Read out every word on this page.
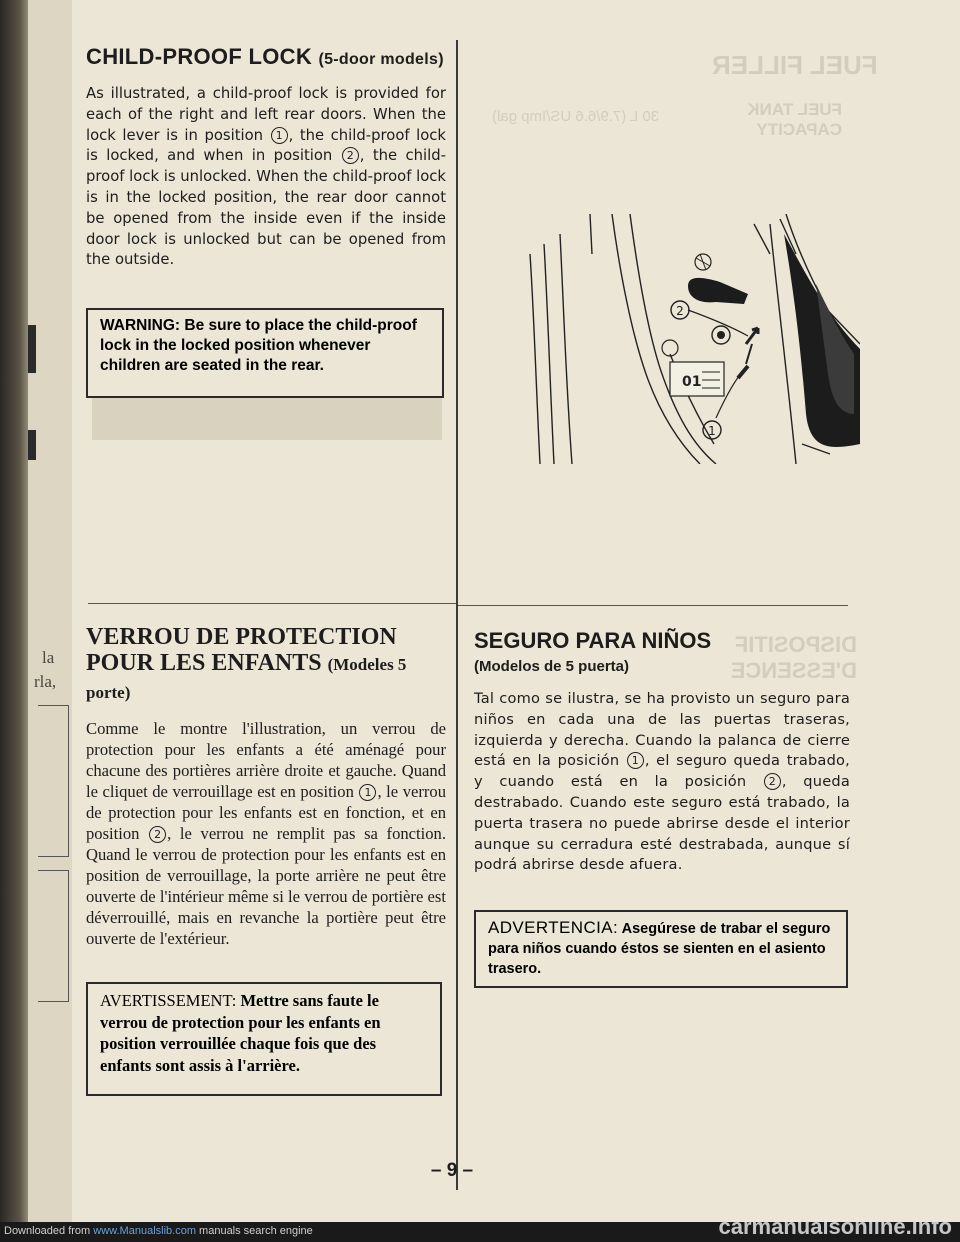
la
rla,
FUEL FILLER
FUEL TANK CAPACITY
30 L (7.9/6.6 US/Imp gal)
DISPOSITIF D'ESSENCE
CHILD-PROOF LOCK (5-door models)

As illustrated, a child-proof lock is provided for each of the right and left rear doors. When the lock lever is in position 1 , the child-proof lock is locked, and when in position 2 , the child-proof lock is unlocked. When the child-proof lock is in the locked position, the rear door cannot be opened from the inside even if the inside door lock is unlocked but can be opened from the outside.

WARNING: Be sure to place the child-proof lock in the locked position whenever children are seated in the rear.
2
01
1
VERROU DE PROTECTION POUR LES ENFANTS (Modeles 5 porte)

Comme le montre l'illustration, un verrou de protection pour les enfants a été aménagé pour chacune des portières arrière droite et gauche. Quand le cliquet de verrouillage est en position 1 , le verrou de protection pour les enfants est en fonction, et en position 2 , le verrou ne remplit pas sa fonction. Quand le verrou de protection pour les enfants est en position de verrouillage, la porte arrière ne peut être ouverte de l'intérieur même si le verrou de portière est déverrouillé, mais en revanche la portière peut être ouverte de l'extérieur.

AVERTISSEMENT: Mettre sans faute le verrou de protection pour les enfants en position verrouillée chaque fois que des enfants sont assis à l'arrière.
SEGURO PARA NIÑOS
(Modelos de 5 puerta)

Tal como se ilustra, se ha provisto un seguro para niños en cada una de las puertas traseras, izquierda y derecha. Cuando la palanca de cierre está en la posición 1 , el seguro queda trabado, y cuando está en la posición 2 , queda destrabado. Cuando este seguro está trabado, la puerta trasera no puede abrirse desde el interior aunque su cerradura esté destrabada, aunque sí podrá abrirse desde afuera.

ADVERTENCIA: Asegúrese de trabar el seguro para niños cuando éstos se sienten en el asiento trasero.
– 9 –
Downloaded from www.Manualslib.com manuals search engine	carmanualsonline.info
